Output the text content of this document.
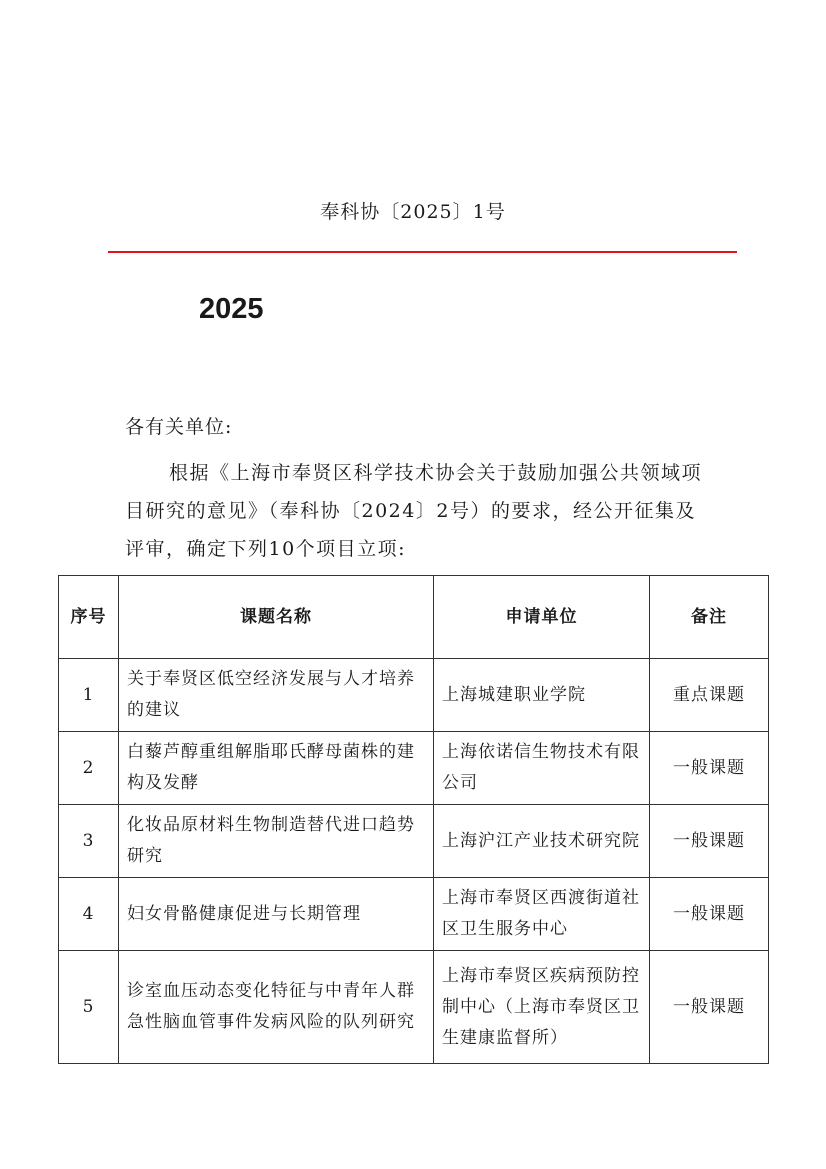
奉科协〔2025〕1号
2025
各有关单位:

根据《上海市奉贤区科学技术协会关于鼓励加强公共领域项目研究的意见》（奉科协〔2024〕2号）的要求，经公开征集及评审，确定下列10个项目立项:

序号	课题名称	申请单位	备注
1	关于奉贤区低空经济发展与人才培养的建议	上海城建职业学院	重点课题
2	白藜芦醇重组解脂耶氏酵母菌株的建构及发酵	上海依诺信生物技术有限公司	一般课题
3	化妆品原材料生物制造替代进口趋势研究	上海沪江产业技术研究院	一般课题
4	妇女骨骼健康促进与长期管理	上海市奉贤区西渡街道社区卫生服务中心	一般课题
5	诊室血压动态变化特征与中青年人群急性脑血管事件发病风险的队列研究	上海市奉贤区疾病预防控制中心（上海市奉贤区卫生建康监督所）	一般课题
